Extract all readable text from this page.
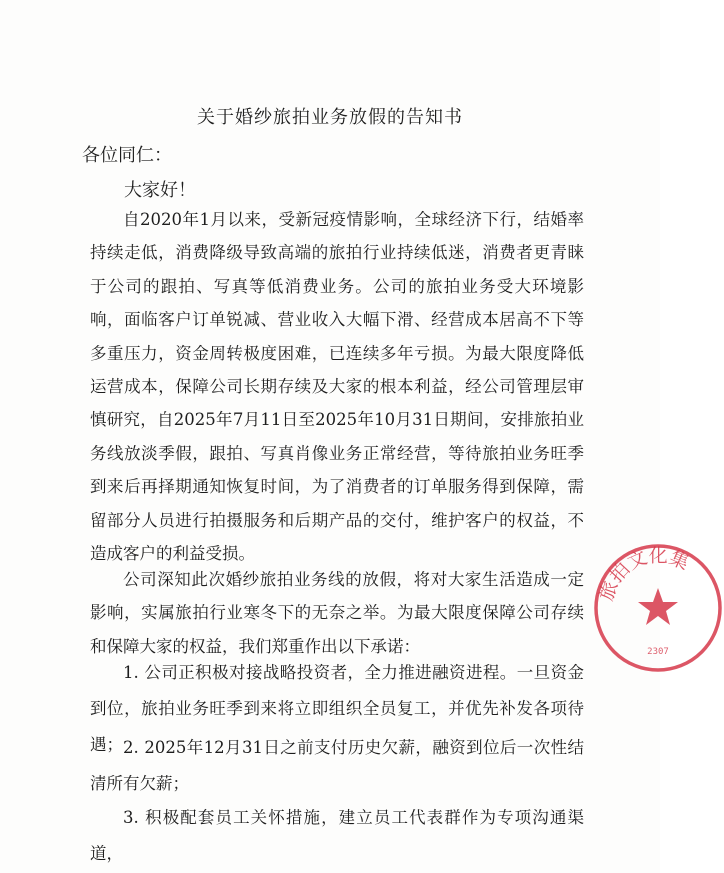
关于婚纱旅拍业务放假的告知书
各位同仁：
大家好！

自2020年1月以来，受新冠疫情影响，全球经济下行，结婚率持续走低，消费降级导致高端的旅拍行业持续低迷，消费者更青睐于公司的跟拍、写真等低消费业务。公司的旅拍业务受大环境影响，面临客户订单锐减、营业收入大幅下滑、经营成本居高不下等多重压力，资金周转极度困难，已连续多年亏损。为最大限度降低运营成本，保障公司长期存续及大家的根本利益，经公司管理层审慎研究，自2025年7月11日至2025年10月31日期间，安排旅拍业务线放淡季假，跟拍、写真肖像业务正常经营，等待旅拍业务旺季到来后再择期通知恢复时间，为了消费者的订单服务得到保障，需留部分人员进行拍摄服务和后期产品的交付，维护客户的权益，不造成客户的利益受损。

公司深知此次婚纱旅拍业务线的放假，将对大家生活造成一定影响，实属旅拍行业寒冬下的无奈之举。为最大限度保障公司存续和保障大家的权益，我们郑重作出以下承诺：

1. 公司正积极对接战略投资者，全力推进融资进程。一旦资金到位，旅拍业务旺季到来将立即组织全员复工，并优先补发各项待遇； 2. 2025年12月31日之前支付历史欠薪，融资到位后一次性结清所有欠薪；

3. 积极配套员工关怀措施，建立员工代表群作为专项沟通渠道，

旅拍文化集
2307
